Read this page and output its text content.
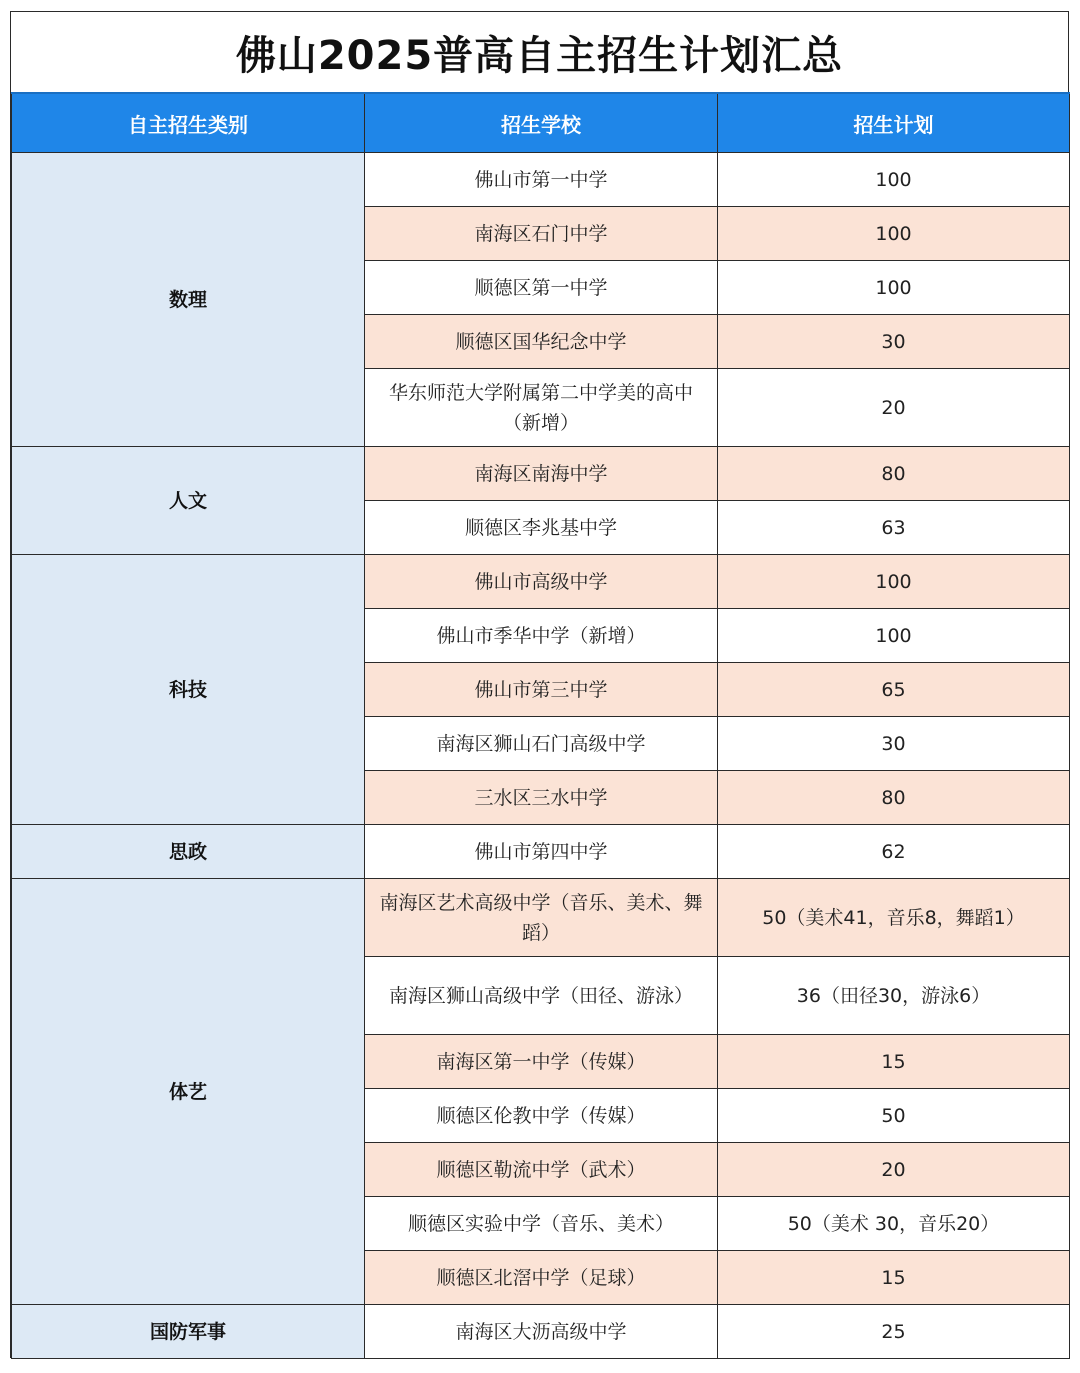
佛山2025普高自主招生计划汇总
自主招生类别	招生学校	招生计划
数理	佛山市第一中学	100
	南海区石门中学	100
	顺德区第一中学	100
	顺德区国华纪念中学	30
	华东师范大学附属第二中学美的高中（新增）	20
人文	南海区南海中学	80
	顺德区李兆基中学	63
科技	佛山市高级中学	100
	佛山市季华中学（新增）	100
	佛山市第三中学	65
	南海区狮山石门高级中学	30
	三水区三水中学	80
思政	佛山市第四中学	62
体艺	南海区艺术高级中学（音乐、美术、舞蹈）	50（美术41，音乐8，舞蹈1）
	南海区狮山高级中学（田径、游泳）	36（田径30，游泳6）
	南海区第一中学（传媒）	15
	顺德区伦教中学（传媒）	50
	顺德区勒流中学（武术）	20
	顺德区实验中学（音乐、美术）	50（美术 30，音乐20）
	顺德区北滘中学（足球）	15
国防军事	南海区大沥高级中学	25
